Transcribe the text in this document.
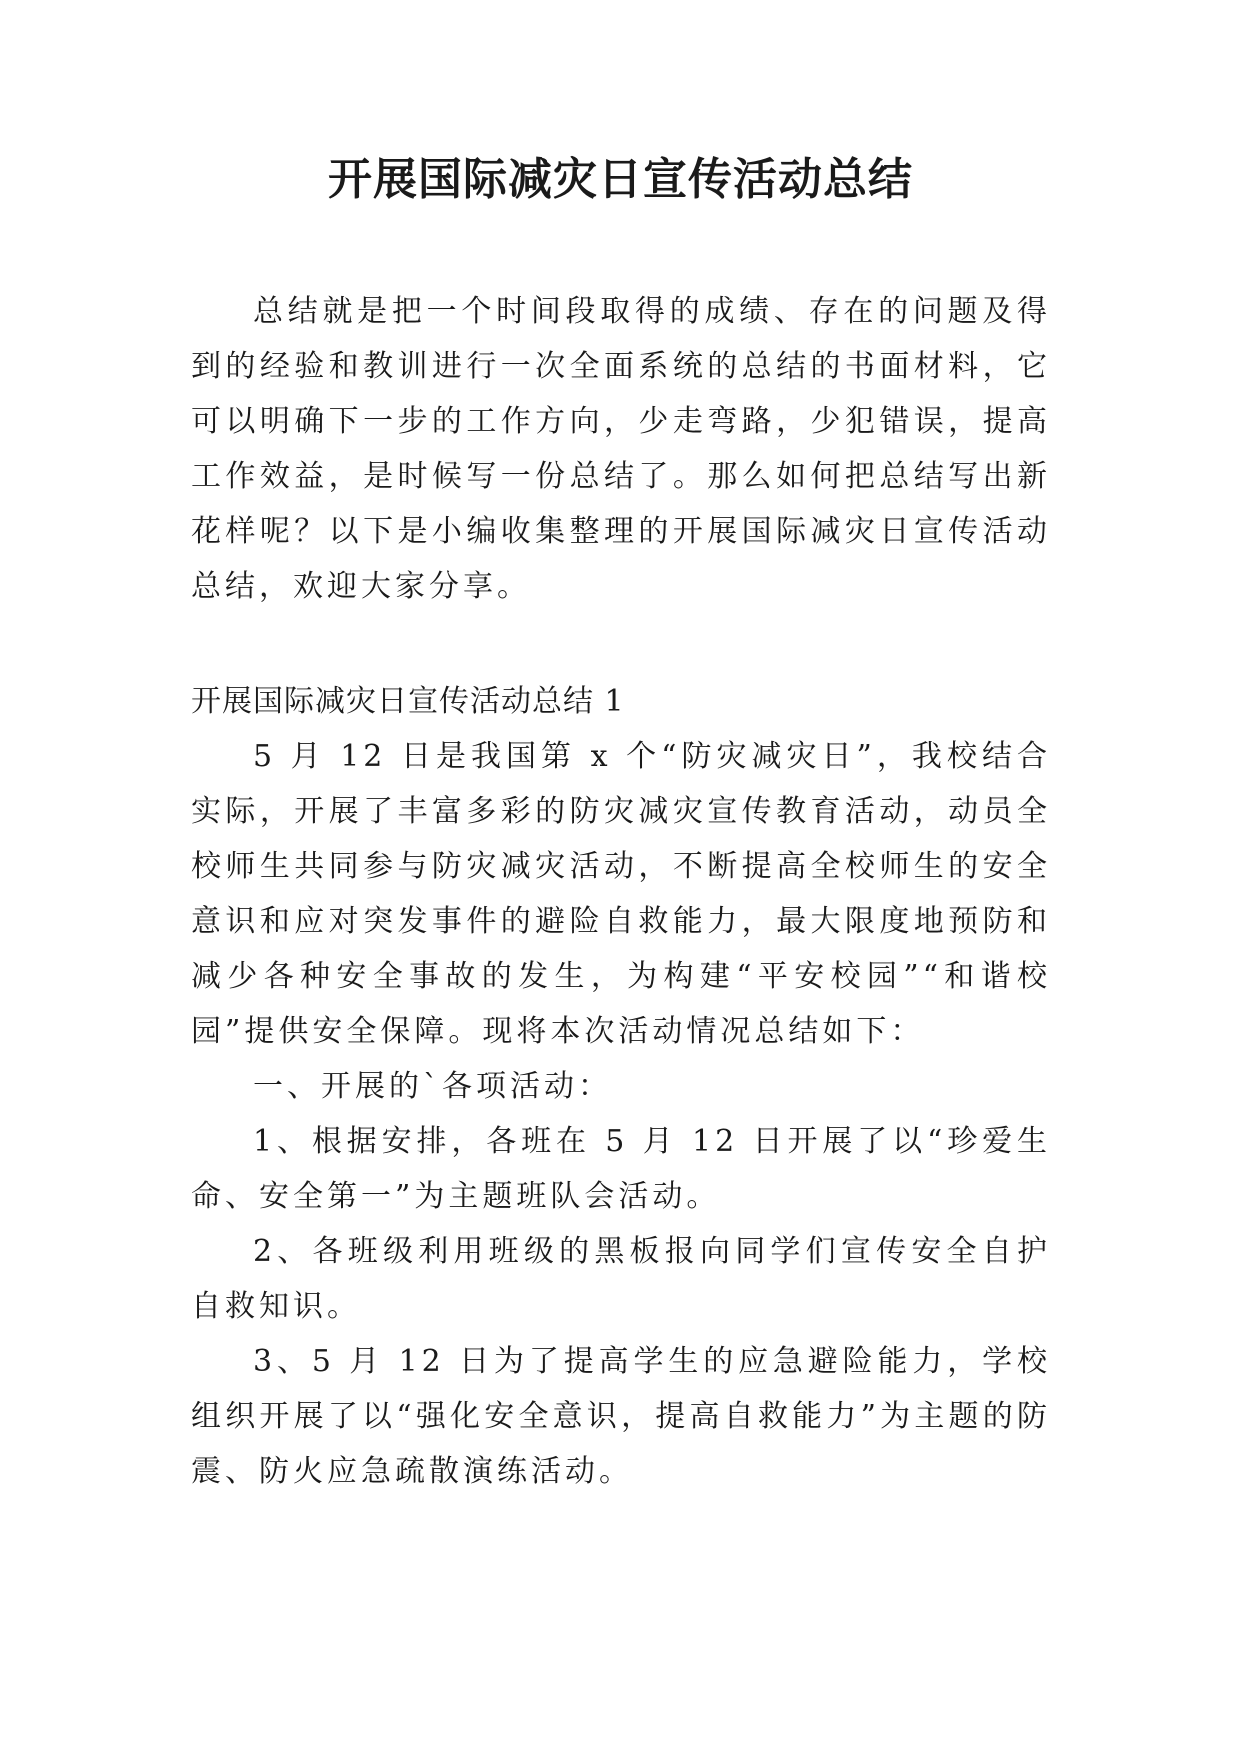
开展国际减灾日宣传活动总结

总结就是把一个时间段取得的成绩、存在的问题及得到的经验和教训进行一次全面系统的总结的书面材料，它可以明确下一步的工作方向，少走弯路，少犯错误，提高工作效益，是时候写一份总结了。那么如何把总结写出新花样呢？以下是小编收集整理的开展国际减灾日宣传活动总结，欢迎大家分享。

开展国际减灾日宣传活动总结 1

5 月 12 日是我国第 x 个“防灾减灾日”，我校结合实际，开展了丰富多彩的防灾减灾宣传教育活动，动员全校师生共同参与防灾减灾活动，不断提高全校师生的安全意识和应对突发事件的避险自救能力，最大限度地预防和减少各种安全事故的发生，为构建“平安校园”“和谐校园”提供安全保障。现将本次活动情况总结如下：

一、开展的`各项活动：

1、根据安排，各班在 5 月 12 日开展了以“珍爱生命、安全第一”为主题班队会活动。

2、各班级利用班级的黑板报向同学们宣传安全自护自救知识。

3、5 月 12 日为了提高学生的应急避险能力，学校组织开展了以“强化安全意识，提高自救能力”为主题的防震、防火应急疏散演练活动。
